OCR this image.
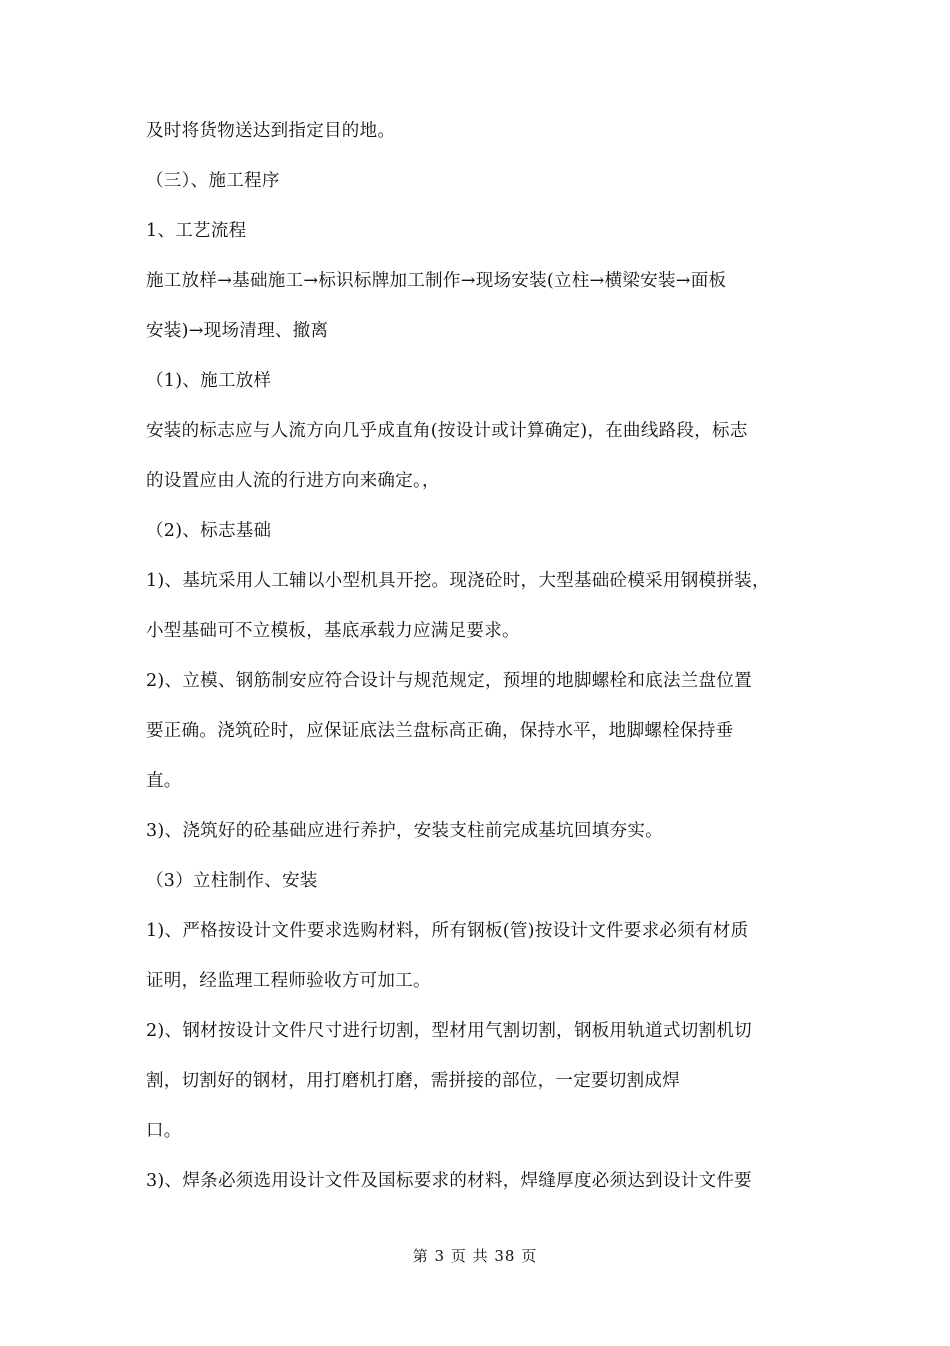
及时将货物送达到指定目的地。
（三）、施工程序
1、工艺流程
施工放样→基础施工→标识标牌加工制作→现场安装(立柱→横梁安装→面板
安装)→现场清理、撤离
（1)、施工放样
安装的标志应与人流方向几乎成直角(按设计或计算确定)，在曲线路段，标志
的设置应由人流的行进方向来确定。，
（2)、标志基础
1)、基坑采用人工辅以小型机具开挖。现浇砼时，大型基础砼模采用钢模拼装，
小型基础可不立模板，基底承载力应满足要求。
2)、立模、钢筋制安应符合设计与规范规定，预埋的地脚螺栓和底法兰盘位置
要正确。浇筑砼时，应保证底法兰盘标高正确，保持水平，地脚螺栓保持垂
直。
3)、浇筑好的砼基础应进行养护，安装支柱前完成基坑回填夯实。
（3）立柱制作、安装
1)、严格按设计文件要求选购材料，所有钢板(管)按设计文件要求必须有材质
证明，经监理工程师验收方可加工。
2)、钢材按设计文件尺寸进行切割，型材用气割切割，钢板用轨道式切割机切
割，切割好的钢材，用打磨机打磨，需拼接的部位，一定要切割成焊
口。
3)、焊条必须选用设计文件及国标要求的材料，焊缝厚度必须达到设计文件要
第 3 页 共 38 页
